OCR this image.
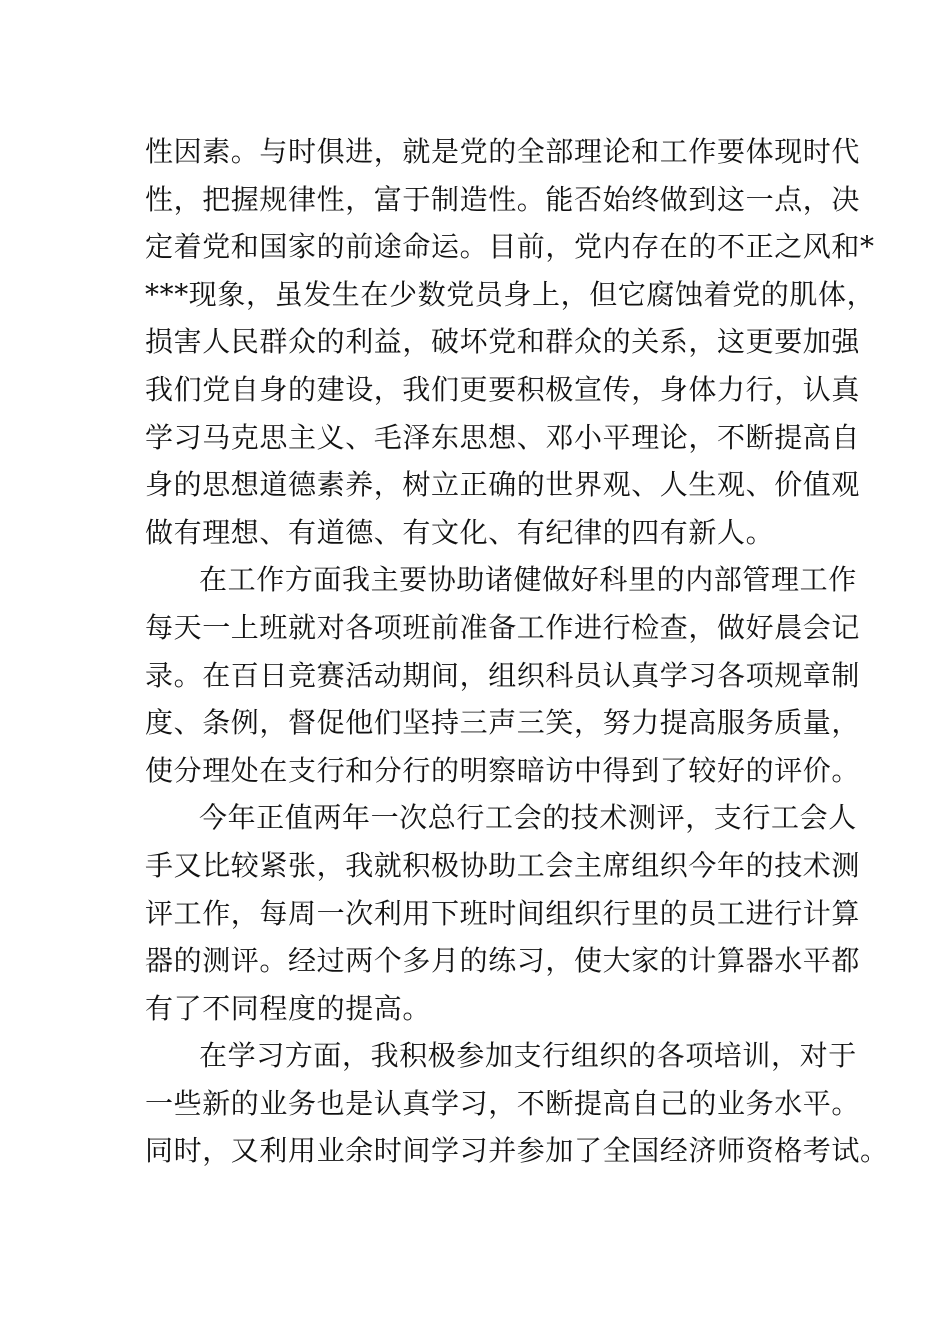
性因素。与时俱进，就是党的全部理论和工作要体现时代
性，把握规律性，富于制造性。能否始终做到这一点，决
定着党和国家的前途命运。目前，党内存在的不正之风和*
***现象，虽发生在少数党员身上，但它腐蚀着党的肌体，
损害人民群众的利益，破坏党和群众的关系，这更要加强
我们党自身的建设，我们更要积极宣传，身体力行，认真
学习马克思主义、毛泽东思想、邓小平理论，不断提高自
身的思想道德素养，树立正确的世界观、人生观、价值观
做有理想、有道德、有文化、有纪律的四有新人。
在工作方面我主要协助诸健做好科里的内部管理工作
每天一上班就对各项班前准备工作进行检查，做好晨会记
录。在百日竞赛活动期间，组织科员认真学习各项规章制
度、条例，督促他们坚持三声三笑，努力提高服务质量，
使分理处在支行和分行的明察暗访中得到了较好的评价。
今年正值两年一次总行工会的技术测评，支行工会人
手又比较紧张，我就积极协助工会主席组织今年的技术测
评工作，每周一次利用下班时间组织行里的员工进行计算
器的测评。经过两个多月的练习，使大家的计算器水平都
有了不同程度的提高。
在学习方面，我积极参加支行组织的各项培训，对于
一些新的业务也是认真学习，不断提高自己的业务水平。
同时，又利用业余时间学习并参加了全国经济师资格考试。
